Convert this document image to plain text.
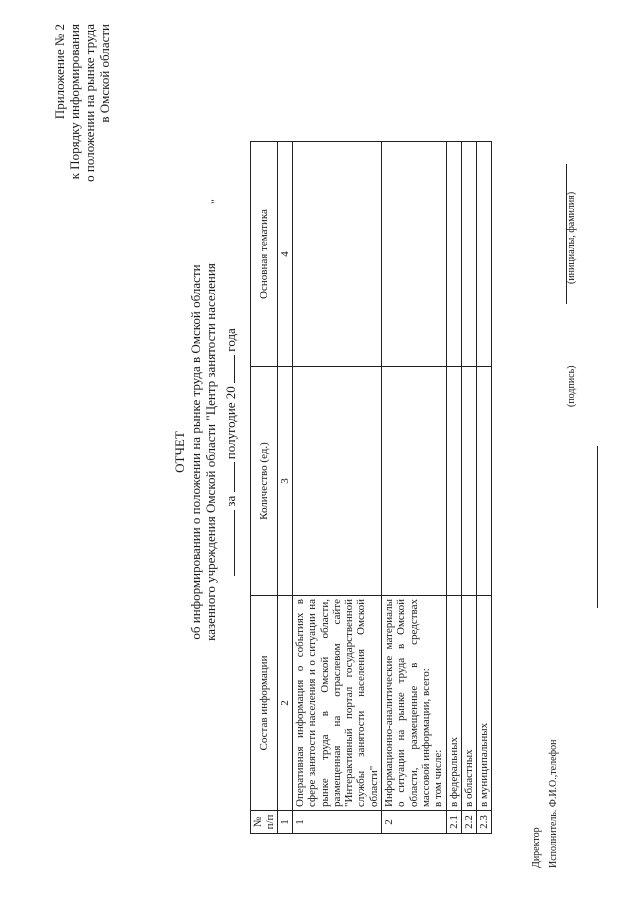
Приложение № 2 к Порядку информирования о положении на рынке труда в Омской области
ОТЧЕТ об информировании о положении на рынке труда в Омской области казенного учреждения Омской области "Центр занятости населения
"
за  полугодие 20  года
№ п/п	Состав информации	Количество (ед.)	Основная тематика
1	2	3	4
1	Оперативная информация о событиях в сфере занятости населения и о ситуации на рынке труда в Омской области, размещенная на отраслевом сайте "Интерактивный портал государственной службы занятости населения Омской области"		
2	Информационно-аналитические материалы о ситуации на рынке труда в Омской области, размещенные в средствах массовой информации, всего: в том числе:		

2.1	в федеральных		
2.2	в областных		
2.3	в муниципальных		
Директор Исполнитель. Ф.И.О.,телефон
(подпись)
(инициалы, фамилия)
